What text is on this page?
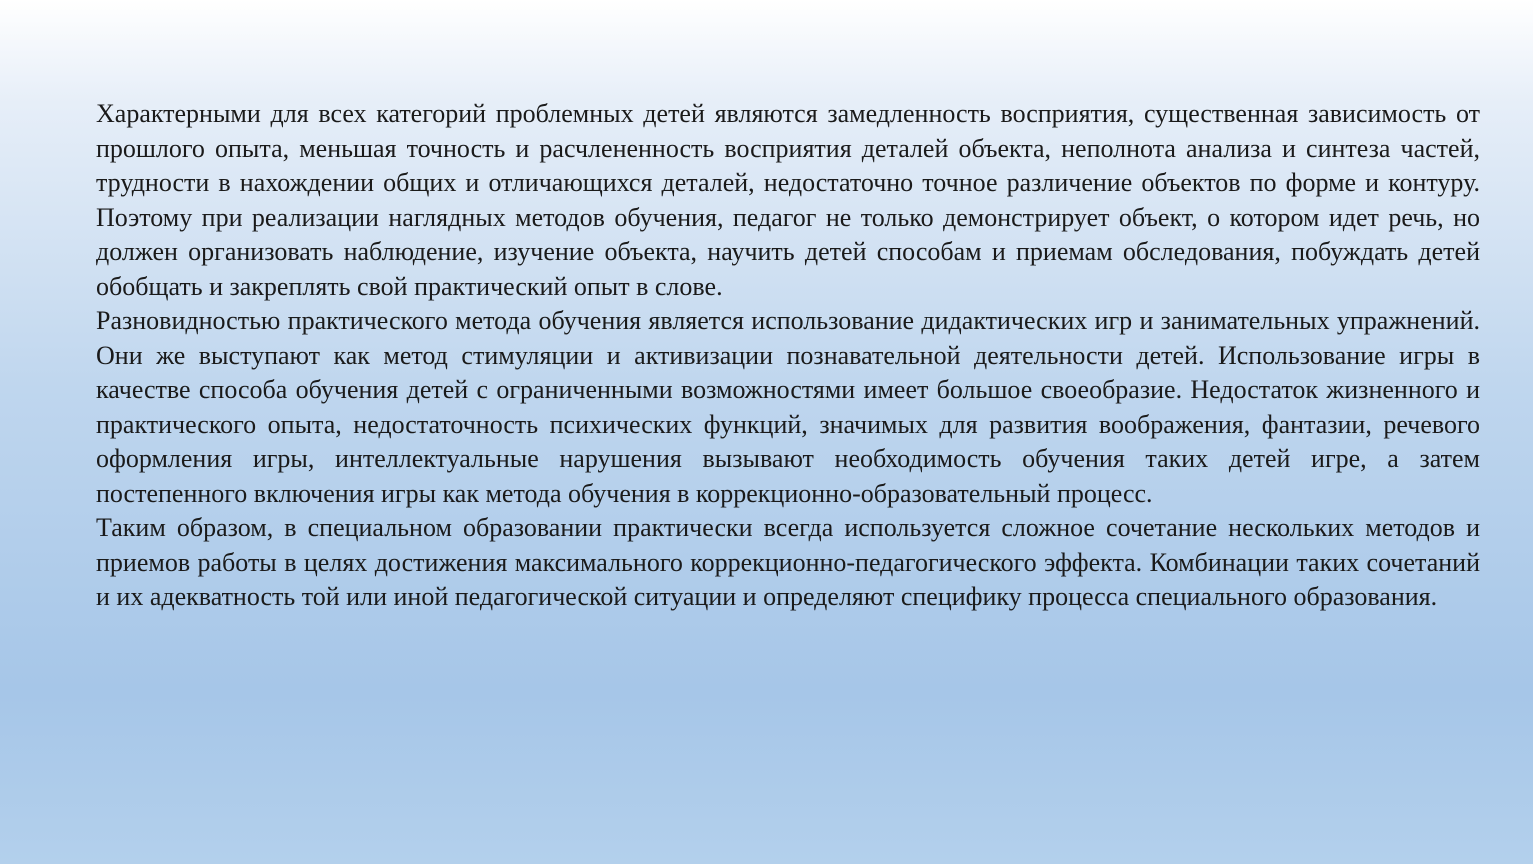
Характерными для всех категорий проблемных детей являются замедленность восприятия, существенная зависимость от прошлого опыта, меньшая точность и расчлененность восприятия деталей объекта, неполнота анализа и синтеза частей, трудности в нахождении общих и отличающихся деталей, недостаточно точное различение объектов по форме и контуру. Поэтому при реализации наглядных методов обучения, педагог не только демонстрирует объект, о котором идет речь, но должен организовать наблюдение, изучение объекта, научить детей способам и приемам обследования, побуждать детей обобщать и закреплять свой практический опыт в слове.

Разновидностью практического метода обучения является использование дидактических игр и занимательных упражнений. Они же выступают как метод стимуляции и активизации познавательной деятельности детей. Использование игры в качестве способа обучения детей с ограниченными возможностями имеет большое своеобразие. Недостаток жизненного и практического опыта, недостаточность психических функций, значимых для развития воображения, фантазии, речевого оформления игры, интеллектуальные нарушения вызывают необходимость обучения таких детей игре, а затем постепенного включения игры как метода обучения в коррекционно-образовательный процесс.

Таким образом, в специальном образовании практически всегда используется сложное сочетание нескольких методов и приемов работы в целях достижения максимального коррекционно-педагогического эффекта. Комбинации таких сочетаний и их адекватность той или иной педагогической ситуации и определяют специфику процесса специального образования.
